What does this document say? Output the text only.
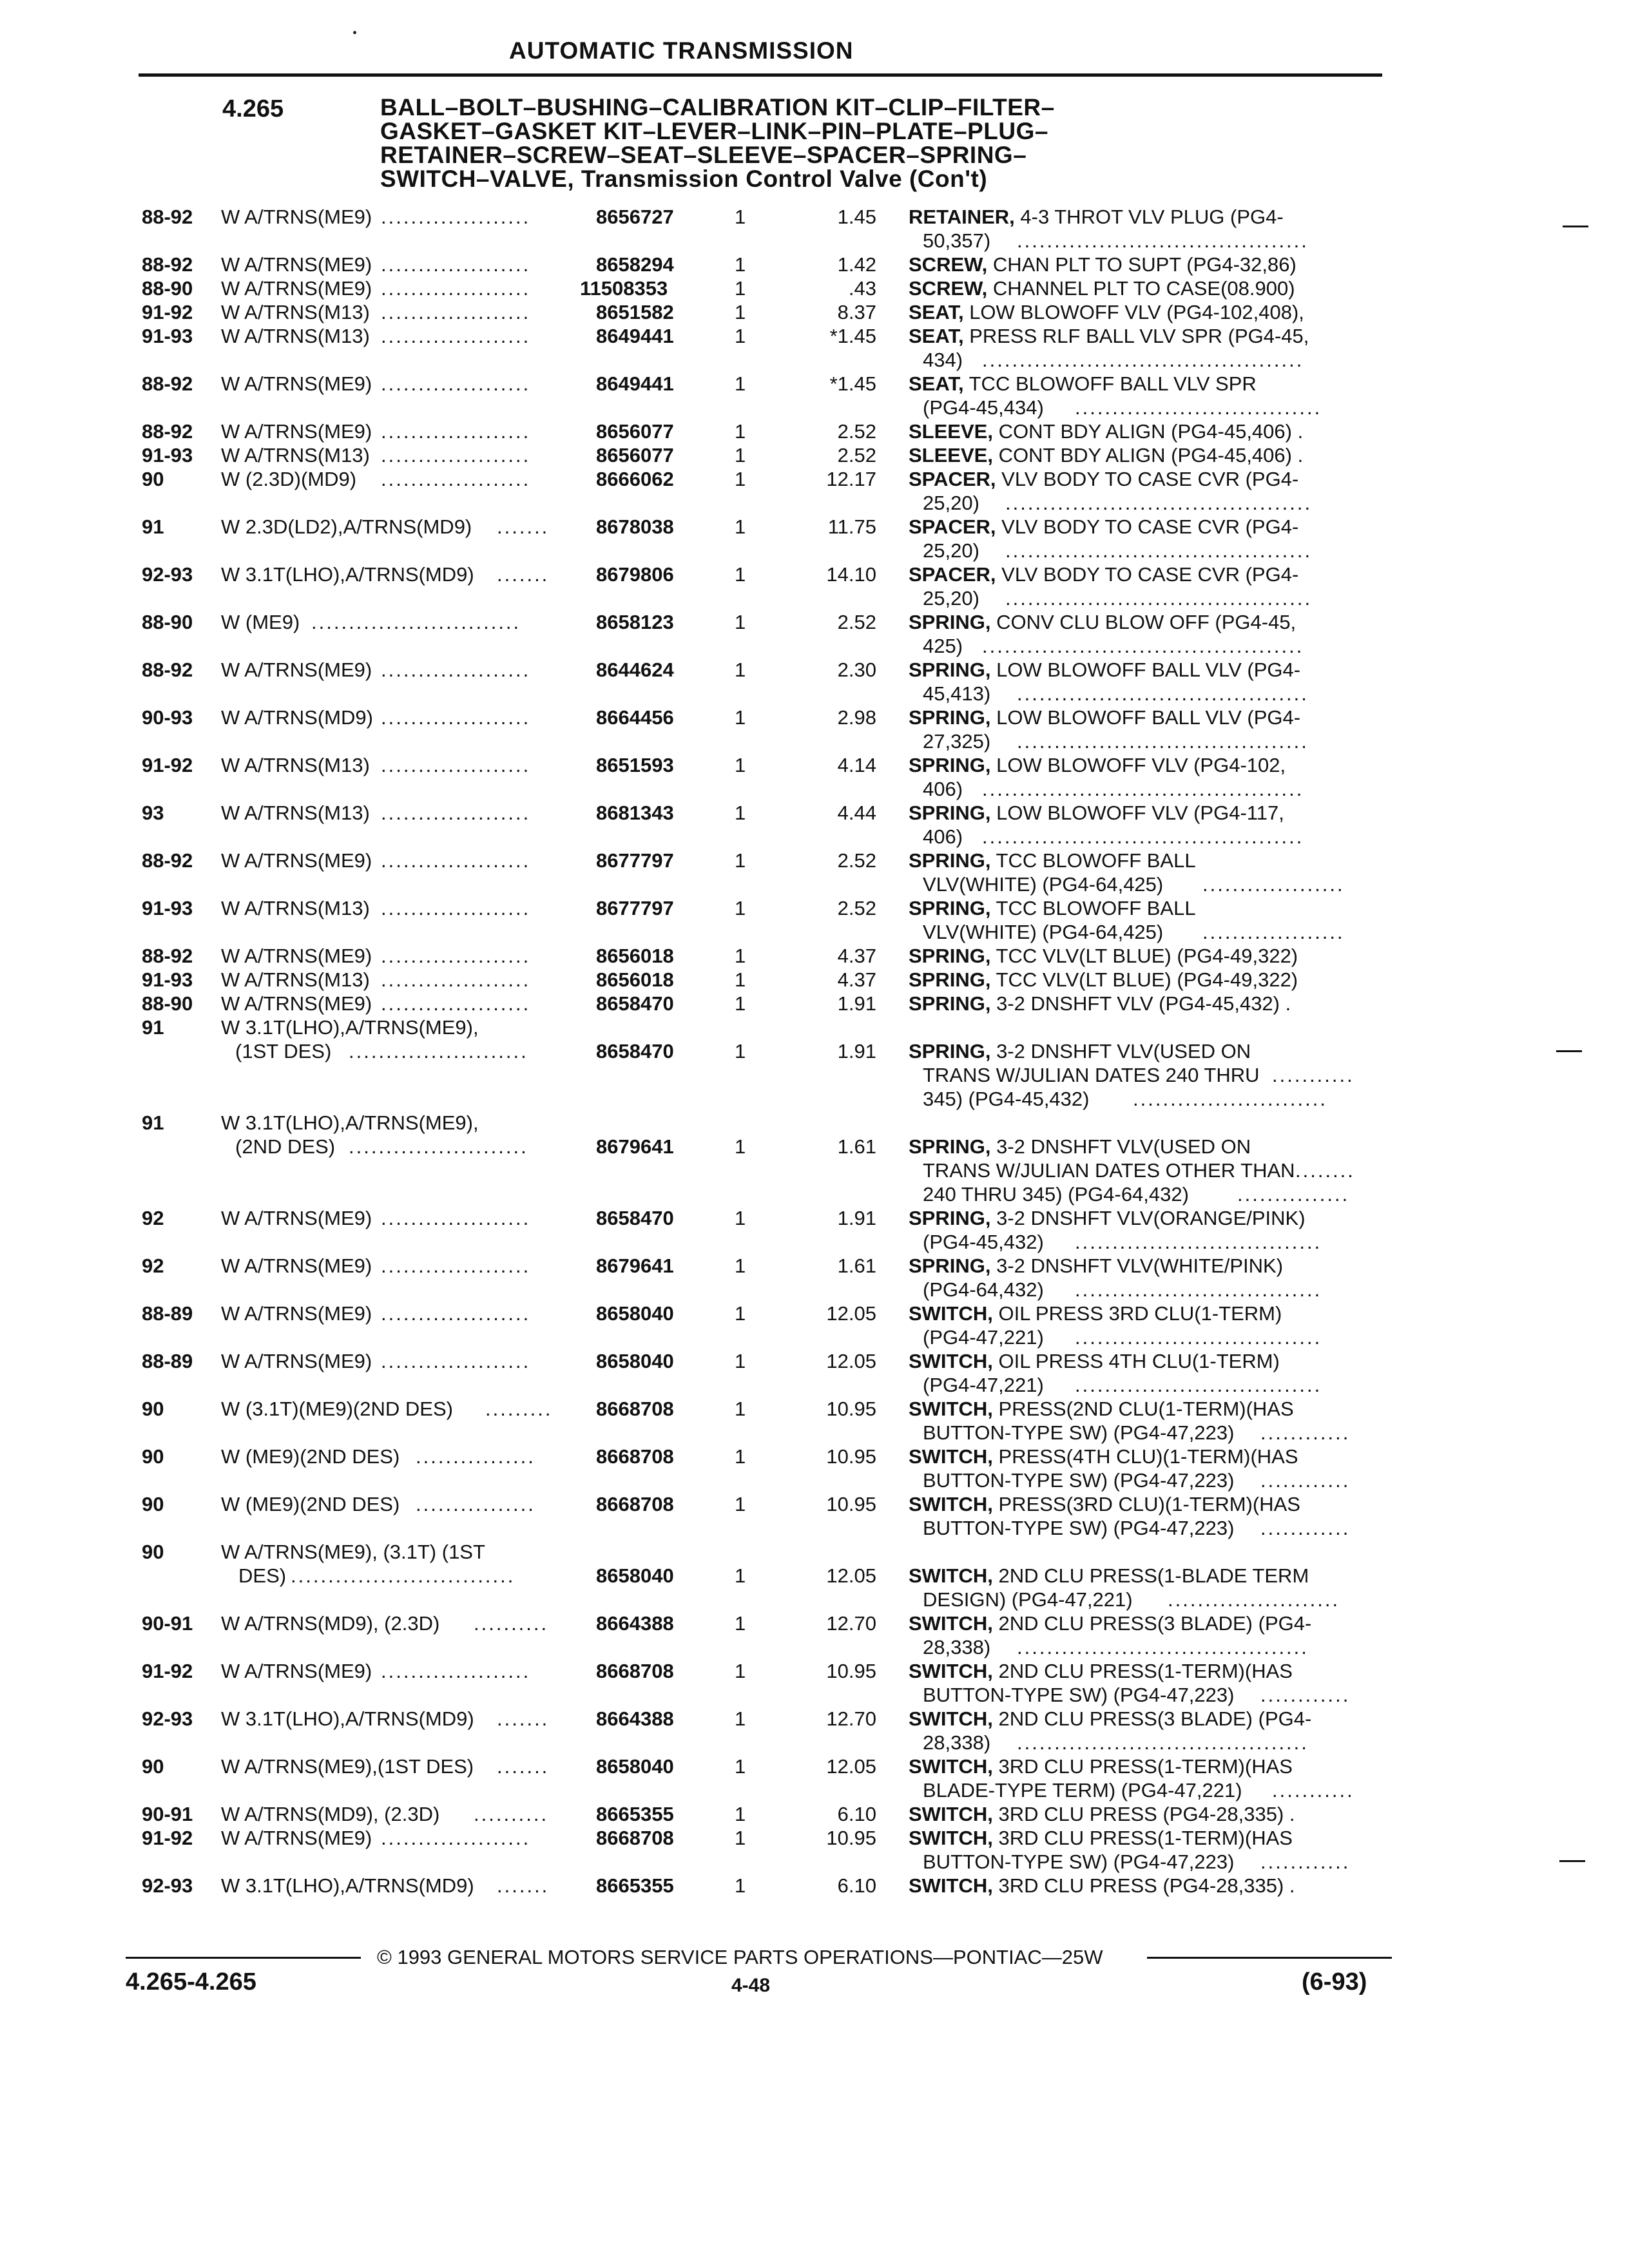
AUTOMATIC TRANSMISSION
4.265	BALL–BOLT–BUSHING–CALIBRATION KIT–CLIP–FILTER–
GASKET–GASKET KIT–LEVER–LINK–PIN–PLATE–PLUG–
RETAINER–SCREW–SEAT–SLEEVE–SPACER–SPRING–
SWITCH–VALVE, Transmission Control Valve (Con't)
88-92 W A/TRNS(ME9) ....................	8656727	1	1.45 RETAINER, 4-3 THROT VLV PLUG (PG4-
50,357) .......................................
88-92 W A/TRNS(ME9) ....................	8658294	1	1.42 SCREW, CHAN PLT TO SUPT (PG4-32,86)
88-90 W A/TRNS(ME9) .................... 11508353	1	.43 SCREW, CHANNEL PLT TO CASE(08.900)
91-92 W A/TRNS(M13) ....................	8651582	1	8.37 SEAT, LOW BLOWOFF VLV (PG4-102,408),
91-93 W A/TRNS(M13) ....................	8649441	1	*1.45 SEAT, PRESS RLF BALL VLV SPR (PG4-45,
434) ...........................................
88-92 W A/TRNS(ME9) ....................	8649441	1	*1.45 SEAT, TCC BLOWOFF BALL VLV SPR
(PG4-45,434) .................................
88-92 W A/TRNS(ME9) ....................	8656077	1	2.52 SLEEVE, CONT BDY ALIGN (PG4-45,406) .
91-93 W A/TRNS(M13) ....................	8656077	1	2.52 SLEEVE, CONT BDY ALIGN (PG4-45,406) .
90	W (2.3D)(MD9) ....................	8666062	1	12.17 SPACER, VLV BODY TO CASE CVR (PG4-
25,20) .........................................
91	W 2.3D(LD2),A/TRNS(MD9) ....... 8678038	1	11.75 SPACER, VLV BODY TO CASE CVR (PG4-
25,20) .........................................
92-93 W 3.1T(LHO),A/TRNS(MD9) ....... 8679806	1	14.10 SPACER, VLV BODY TO CASE CVR (PG4-
25,20) .........................................
88-90 W (ME9) ............................	8658123	1	2.52 SPRING, CONV CLU BLOW OFF (PG4-45,
425) ...........................................
88-92 W A/TRNS(ME9) ....................	8644624	1	2.30 SPRING, LOW BLOWOFF BALL VLV (PG4-
45,413) .......................................
90-93 W A/TRNS(MD9) ....................	8664456	1	2.98 SPRING, LOW BLOWOFF BALL VLV (PG4-
27,325) .......................................
91-92 W A/TRNS(M13) ....................	8651593	1	4.14 SPRING, LOW BLOWOFF VLV (PG4-102,
406) ...........................................
93	W A/TRNS(M13) ....................	8681343	1	4.44 SPRING, LOW BLOWOFF VLV (PG4-117,
406) ...........................................
88-92 W A/TRNS(ME9) ....................	8677797	1	2.52 SPRING, TCC BLOWOFF BALL
VLV(WHITE) (PG4-64,425) ...................
91-93 W A/TRNS(M13) ....................	8677797	1	2.52 SPRING, TCC BLOWOFF BALL
VLV(WHITE) (PG4-64,425) ...................
88-92 W A/TRNS(ME9) ....................	8656018	1	4.37 SPRING, TCC VLV(LT BLUE) (PG4-49,322)
91-93 W A/TRNS(M13) ....................	8656018	1	4.37 SPRING, TCC VLV(LT BLUE) (PG4-49,322)
88-90 W A/TRNS(ME9) ....................	8658470	1	1.91 SPRING, 3-2 DNSHFT VLV (PG4-45,432) .
91	W 3.1T(LHO),A/TRNS(ME9),
(1ST DES) ........................	8658470	1	1.91 SPRING, 3-2 DNSHFT VLV(USED ON
TRANS W/JULIAN DATES 240 THRU ...........
345) (PG4-45,432) ..........................
91	W 3.1T(LHO),A/TRNS(ME9),
(2ND DES) ........................	8679641	1	1.61 SPRING, 3-2 DNSHFT VLV(USED ON
TRANS W/JULIAN DATES OTHER THAN ........
240 THRU 345) (PG4-64,432) ...............
92	W A/TRNS(ME9) ....................	8658470	1	1.91 SPRING, 3-2 DNSHFT VLV(ORANGE/PINK)
(PG4-45,432) .................................
92	W A/TRNS(ME9) ....................	8679641	1	1.61 SPRING, 3-2 DNSHFT VLV(WHITE/PINK)
(PG4-64,432) .................................
88-89 W A/TRNS(ME9) ....................	8658040	1	12.05 SWITCH, OIL PRESS 3RD CLU(1-TERM)
(PG4-47,221) .................................
88-89 W A/TRNS(ME9) ....................	8658040	1	12.05 SWITCH, OIL PRESS 4TH CLU(1-TERM)
(PG4-47,221) .................................
90	W (3.1T)(ME9)(2ND DES) ......... 8668708	1	10.95 SWITCH, PRESS(2ND CLU(1-TERM)(HAS
BUTTON-TYPE SW) (PG4-47,223) ............
90	W (ME9)(2ND DES) ................	8668708	1	10.95 SWITCH, PRESS(4TH CLU)(1-TERM)(HAS
BUTTON-TYPE SW) (PG4-47,223) ............
90	W (ME9)(2ND DES) ................	8668708	1	10.95 SWITCH, PRESS(3RD CLU)(1-TERM)(HAS
BUTTON-TYPE SW) (PG4-47,223) ............
90	W A/TRNS(ME9), (3.1T) (1ST
DES) ..............................	8658040	1	12.05 SWITCH, 2ND CLU PRESS(1-BLADE TERM
DESIGN) (PG4-47,221) .......................
90-91 W A/TRNS(MD9), (2.3D) .......... 8664388	1	12.70 SWITCH, 2ND CLU PRESS(3 BLADE) (PG4-
28,338) .......................................
91-92 W A/TRNS(ME9) ....................	8668708	1	10.95 SWITCH, 2ND CLU PRESS(1-TERM)(HAS
BUTTON-TYPE SW) (PG4-47,223) ............
92-93 W 3.1T(LHO),A/TRNS(MD9) ....... 8664388	1	12.70 SWITCH, 2ND CLU PRESS(3 BLADE) (PG4-
28,338) .......................................
90	W A/TRNS(ME9),(1ST DES) ....... 8658040	1	12.05 SWITCH, 3RD CLU PRESS(1-TERM)(HAS
BLADE-TYPE TERM) (PG4-47,221) ...........
90-91 W A/TRNS(MD9), (2.3D) .......... 8665355	1	6.10 SWITCH, 3RD CLU PRESS (PG4-28,335) .
91-92 W A/TRNS(ME9) ....................	8668708	1	10.95 SWITCH, 3RD CLU PRESS(1-TERM)(HAS
BUTTON-TYPE SW) (PG4-47,223) ............
92-93 W 3.1T(LHO),A/TRNS(MD9) ....... 8665355	1	6.10 SWITCH, 3RD CLU PRESS (PG4-28,335) .
© 1993 GENERAL MOTORS SERVICE PARTS OPERATIONS—PONTIAC—25W
4.265-4.265	4-48	(6-93)
